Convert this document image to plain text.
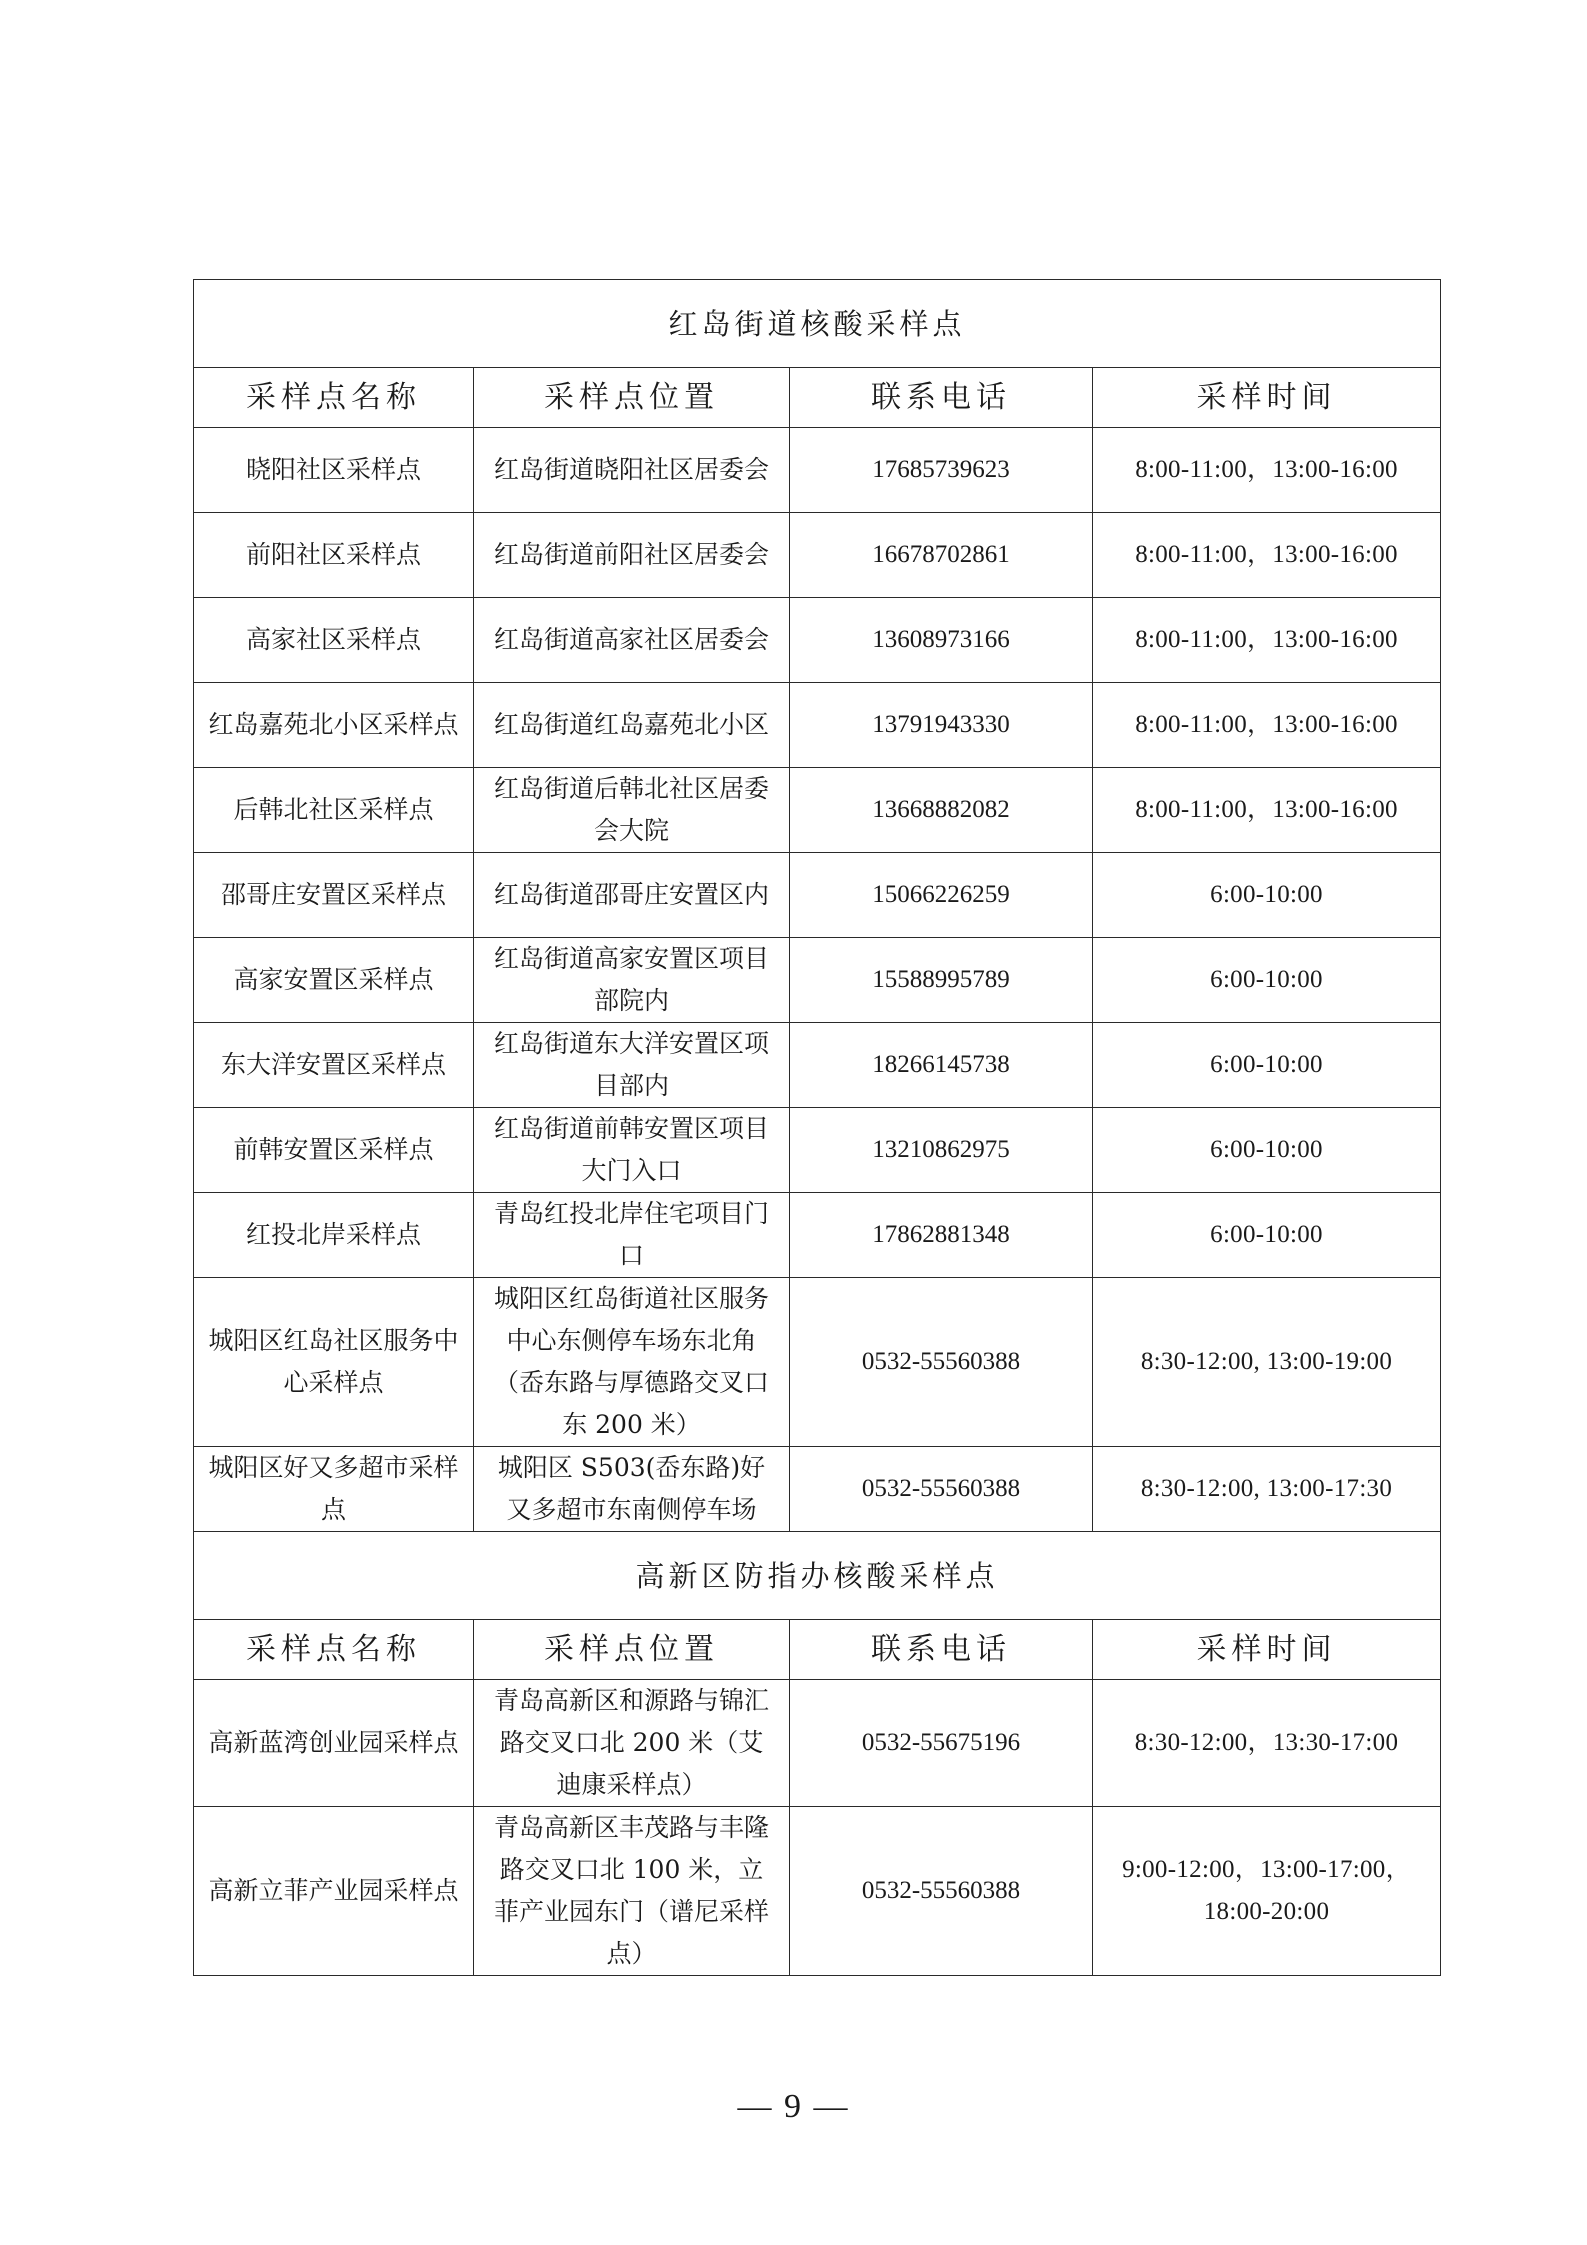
红岛街道核酸采样点			
采样点名称	采样点位置	联系电话	采样时间
晓阳社区采样点	红岛街道晓阳社区居委会	17685739623	8:00-11:00，13:00-16:00
前阳社区采样点	红岛街道前阳社区居委会	16678702861	8:00-11:00，13:00-16:00
高家社区采样点	红岛街道高家社区居委会	13608973166	8:00-11:00，13:00-16:00
红岛嘉苑北小区采样点	红岛街道红岛嘉苑北小区	13791943330	8:00-11:00，13:00-16:00
后韩北社区采样点	红岛街道后韩北社区居委会大院	13668882082	8:00-11:00，13:00-16:00
邵哥庄安置区采样点	红岛街道邵哥庄安置区内	15066226259	6:00-10:00
高家安置区采样点	红岛街道高家安置区项目部院内	15588995789	6:00-10:00
东大洋安置区采样点	红岛街道东大洋安置区项目部内	18266145738	6:00-10:00
前韩安置区采样点	红岛街道前韩安置区项目大门入口	13210862975	6:00-10:00
红投北岸采样点	青岛红投北岸住宅项目门口	17862881348	6:00-10:00
城阳区红岛社区服务中心采样点	城阳区红岛街道社区服务中心东侧停车场东北角（岙东路与厚德路交叉口东 200 米）	0532-55560388	8:30-12:00, 13:00-19:00
城阳区好又多超市采样点	城阳区 S503(岙东路)好又多超市东南侧停车场	0532-55560388	8:30-12:00, 13:00-17:30
高新区防指办核酸采样点			
采样点名称	采样点位置	联系电话	采样时间
高新蓝湾创业园采样点	青岛高新区和源路与锦汇路交叉口北 200 米（艾迪康采样点）	0532-55675196	8:30-12:00，13:30-17:00
高新立菲产业园采样点	青岛高新区丰茂路与丰隆路交叉口北 100 米，立菲产业园东门（谱尼采样点）	0532-55560388	9:00-12:00，13:00-17:00，18:00-20:00
— 9 —
